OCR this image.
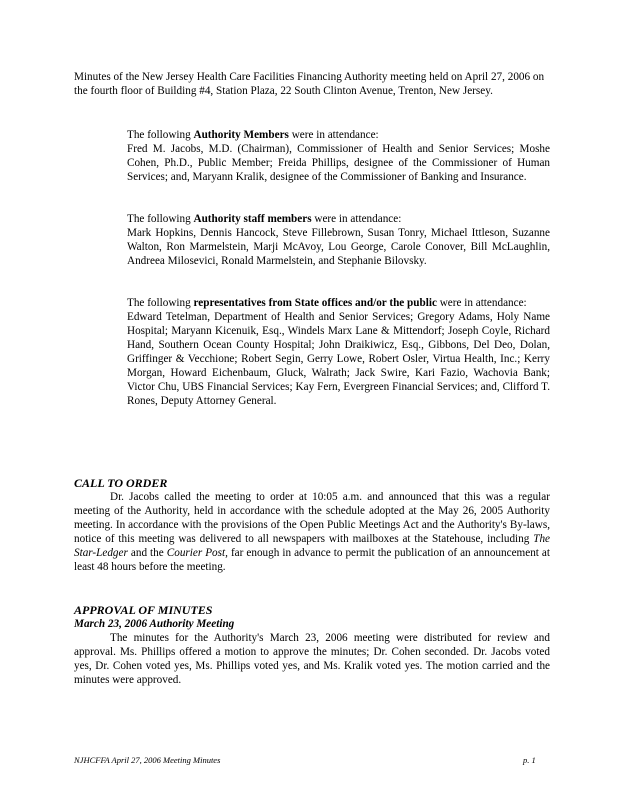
Minutes of the New Jersey Health Care Facilities Financing Authority meeting held on April 27, 2006 on the fourth floor of Building #4, Station Plaza, 22 South Clinton Avenue, Trenton, New Jersey.

The following Authority Members were in attendance:

Fred M. Jacobs, M.D. (Chairman), Commissioner of Health and Senior Services; Moshe Cohen, Ph.D., Public Member; Freida Phillips, designee of the Commissioner of Human Services; and, Maryann Kralik, designee of the Commissioner of Banking and Insurance.

The following Authority staff members were in attendance:

Mark Hopkins, Dennis Hancock, Steve Fillebrown, Susan Tonry, Michael Ittleson, Suzanne Walton, Ron Marmelstein, Marji McAvoy, Lou George, Carole Conover, Bill McLaughlin, Andreea Milosevici, Ronald Marmelstein, and Stephanie Bilovsky.

The following representatives from State offices and/or the public were in attendance:

Edward Tetelman, Department of Health and Senior Services; Gregory Adams, Holy Name Hospital; Maryann Kicenuik, Esq., Windels Marx Lane & Mittendorf; Joseph Coyle, Richard Hand, Southern Ocean County Hospital; John Draikiwicz, Esq., Gibbons, Del Deo, Dolan, Griffinger & Vecchione; Robert Segin, Gerry Lowe, Robert Osler, Virtua Health, Inc.; Kerry Morgan, Howard Eichenbaum, Gluck, Walrath; Jack Swire, Kari Fazio, Wachovia Bank; Victor Chu, UBS Financial Services; Kay Fern, Evergreen Financial Services; and, Clifford T. Rones, Deputy Attorney General.

CALL TO ORDER

Dr. Jacobs called the meeting to order at 10:05 a.m. and announced that this was a regular meeting of the Authority, held in accordance with the schedule adopted at the May 26, 2005 Authority meeting. In accordance with the provisions of the Open Public Meetings Act and the Authority's By-laws, notice of this meeting was delivered to all newspapers with mailboxes at the Statehouse, including The Star-Ledger and the Courier Post, far enough in advance to permit the publication of an announcement at least 48 hours before the meeting.

APPROVAL OF MINUTES

March 23, 2006 Authority Meeting

The minutes for the Authority's March 23, 2006 meeting were distributed for review and approval. Ms. Phillips offered a motion to approve the minutes; Dr. Cohen seconded. Dr. Jacobs voted yes, Dr. Cohen voted yes, Ms. Phillips voted yes, and Ms. Kralik voted yes. The motion carried and the minutes were approved.

NJHCFFA April 27, 2006 Meeting Minutes	p. 1
